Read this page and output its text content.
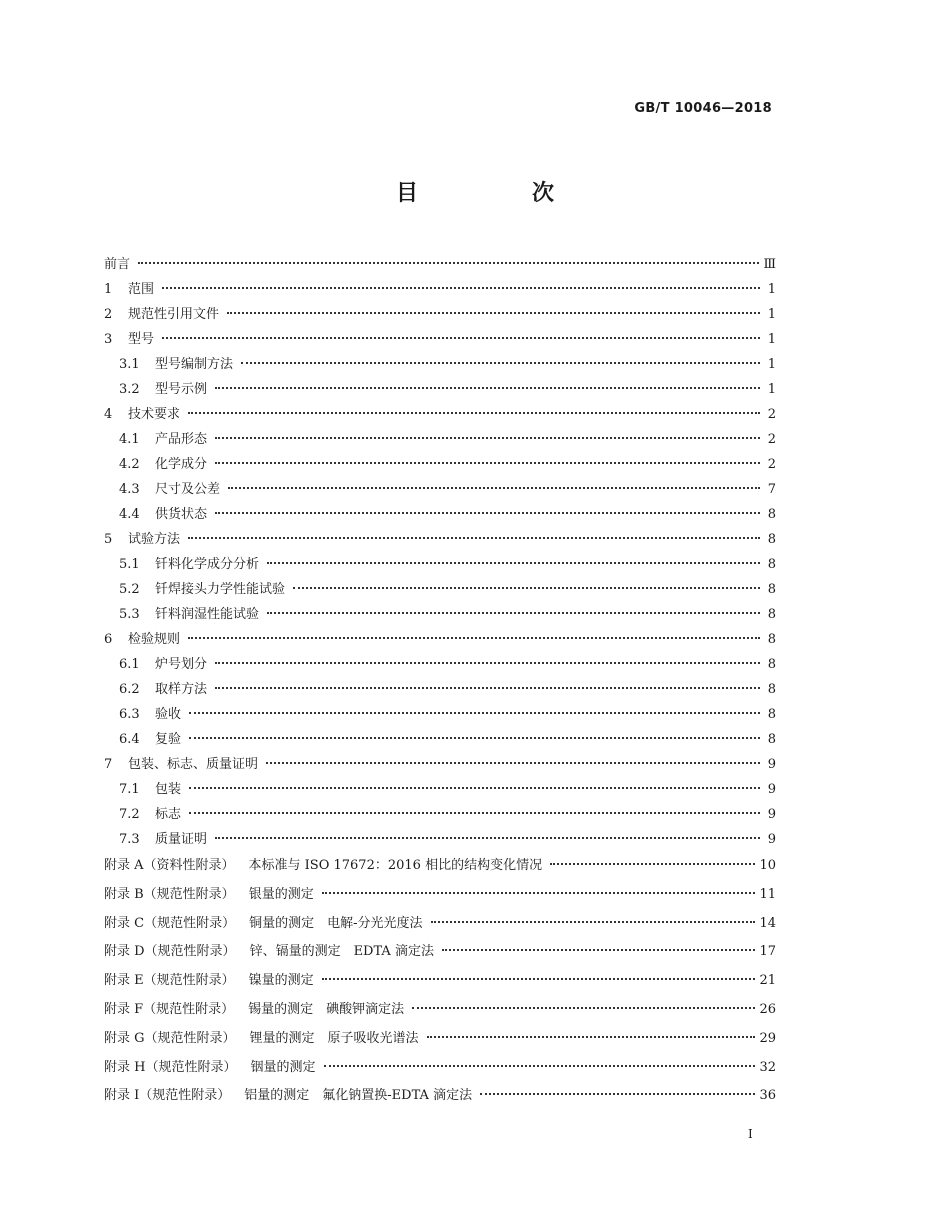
GB/T 10046—2018
目　次
前言	Ⅲ
1	范围	1
2	规范性引用文件	1
3	型号	1
3.1	型号编制方法	1
3.2	型号示例	1
4	技术要求	2
4.1	产品形态	2
4.2	化学成分	2
4.3	尺寸及公差	7
4.4	供货状态	8
5	试验方法	8
5.1	钎料化学成分分析	8
5.2	钎焊接头力学性能试验	8
5.3	钎料润湿性能试验	8
6	检验规则	8
6.1	炉号划分	8
6.2	取样方法	8
6.3	验收	8
6.4	复验	8
7	包装、标志、质量证明	9
7.1	包装	9
7.2	标志	9
7.3	质量证明	9
附录 A（资料性附录） 本标准与 ISO 17672：2016 相比的结构变化情况	10
附录 B（规范性附录） 银量的测定	11
附录 C（规范性附录） 铜量的测定　电解-分光光度法	14
附录 D（规范性附录） 锌、镉量的测定　EDTA 滴定法	17
附录 E（规范性附录） 镍量的测定	21
附录 F（规范性附录） 锡量的测定　碘酸钾滴定法	26
附录 G（规范性附录） 锂量的测定　原子吸收光谱法	29
附录 H（规范性附录） 铟量的测定	32
附录 I（规范性附录） 铝量的测定　氟化钠置换-EDTA 滴定法	36
I
